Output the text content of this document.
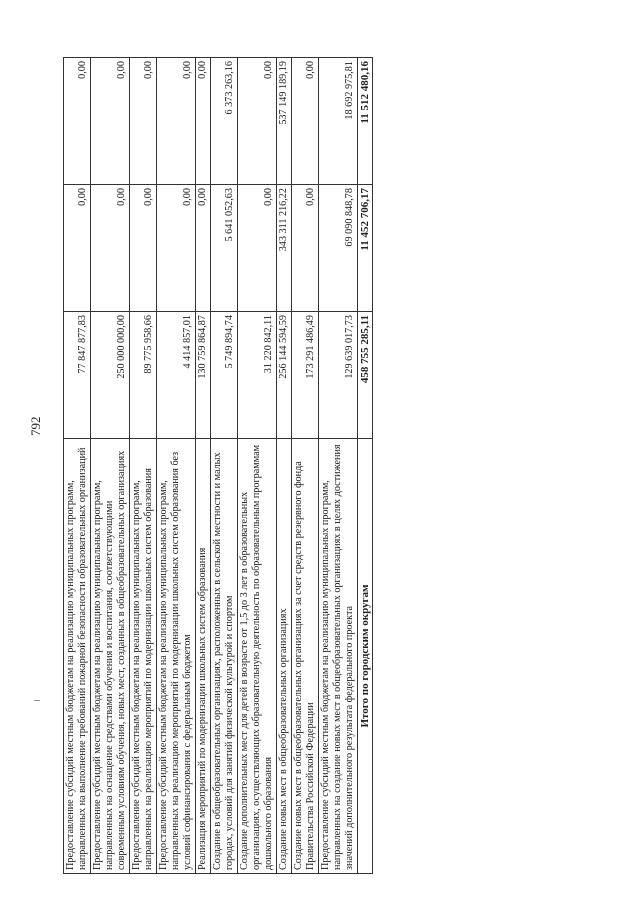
792
Предоставление субсидий местным бюджетам на реализацию муниципальных программ, направленных на выполнение требований пожарной безопасности образовательных организаций	77 847 877,83	0,00	0,00
Предоставление субсидий местным бюджетам на реализацию муниципальных программ, направленных на оснащение средствами обучения и воспитания, соответствующими современным условиям обучения, новых мест, созданных в общеобразовательных организациях	250 000 000,00	0,00	0,00
Предоставление субсидий местным бюджетам на реализацию муниципальных программ, направленных на реализацию мероприятий по модернизации школьных систем образования	89 775 958,66	0,00	0,00
Предоставление субсидий местным бюджетам на реализацию муниципальных программ, направленных на реализацию мероприятий по модернизации школьных систем образования без условий софинансирования с федеральным бюджетом	4 414 857,01	0,00	0,00
Реализация мероприятий по модернизации школьных систем образования	130 759 864,87	0,00	0,00
Создание в общеобразовательных организациях, расположенных в сельской местности и малых городах, условий для занятий физической культурой и спортом	5 749 894,74	5 641 052,63	6 373 263,16
Создание дополнительных мест для детей в возрасте от 1,5 до 3 лет в образовательных организациях, осуществляющих образовательную деятельность по образовательным программам дошкольного образования	31 220 842,11	0,00	0,00
Создание новых мест в общеобразовательных организациях	256 144 594,59	343 311 216,22	537 149 189,19
Создание новых мест в общеобразовательных организациях за счет средств резервного фонда Правительства Российской Федерации	173 291 486,49	0,00	0,00
Предоставление субсидий местным бюджетам на реализацию муниципальных программ, направленных на создание новых мест в общеобразовательных организациях в целях достижения значений дополнительного результата федерального проекта	129 639 017,73	69 090 848,78	18 692 975,81
Итого по городским округам	458 755 285,11	11 452 706,17	11 512 480,16
